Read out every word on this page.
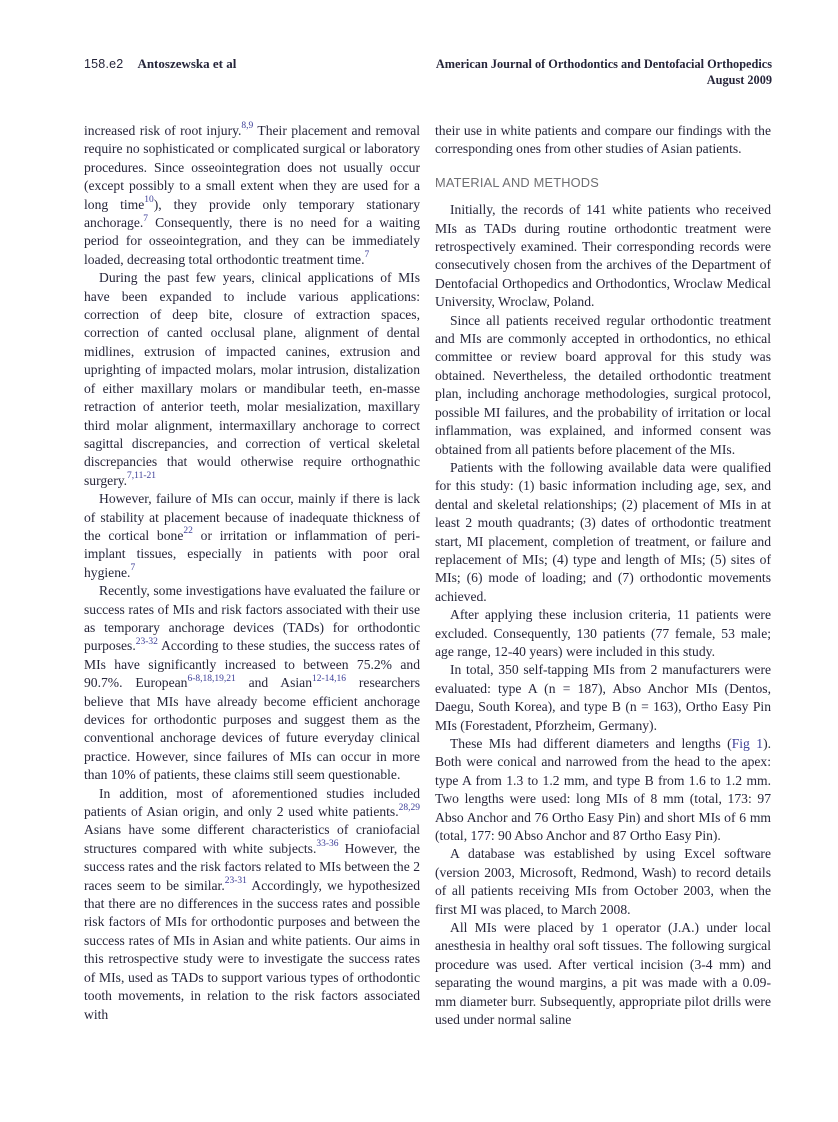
158.e2 Antoszewska et al	American Journal of Orthodontics and Dentofacial Orthopedics
August 2009

increased risk of root injury.$^{8,9}$ Their placement and removal require no sophisticated or complicated surgical or laboratory procedures. Since osseointegration does not usually occur (except possibly to a small extent when they are used for a long time$^{10}$), they provide only temporary stationary anchorage.$^7$ Consequently, there is no need for a waiting period for osseointegration, and they can be immediately loaded, decreasing total orthodontic treatment time.$^7$

During the past few years, clinical applications of MIs have been expanded to include various applications: correction of deep bite, closure of extraction spaces, correction of canted occlusal plane, alignment of dental midlines, extrusion of impacted canines, extrusion and uprighting of impacted molars, molar intrusion, distalization of either maxillary molars or mandibular teeth, en-masse retraction of anterior teeth, molar mesialization, maxillary third molar alignment, intermaxillary anchorage to correct sagittal discrepancies, and correction of vertical skeletal discrepancies that would otherwise require orthognathic surgery.$^{7,11-21}$

However, failure of MIs can occur, mainly if there is lack of stability at placement because of inadequate thickness of the cortical bone$^{22}$ or irritation or inflammation of peri-implant tissues, especially in patients with poor oral hygiene.$^7$

Recently, some investigations have evaluated the failure or success rates of MIs and risk factors associated with their use as temporary anchorage devices (TADs) for orthodontic purposes.$^{23-32}$ According to these studies, the success rates of MIs have significantly increased to between 75.2% and 90.7%. European$^{6-8,18,19,21}$ and Asian$^{12-14,16}$ researchers believe that MIs have already become efficient anchorage devices for orthodontic purposes and suggest them as the conventional anchorage devices of future everyday clinical practice. However, since failures of MIs can occur in more than 10% of patients, these claims still seem questionable.

In addition, most of aforementioned studies included patients of Asian origin, and only 2 used white patients.$^{28,29}$ Asians have some different characteristics of craniofacial structures compared with white subjects.$^{33-36}$ However, the success rates and the risk factors related to MIs between the 2 races seem to be similar.$^{23-31}$ Accordingly, we hypothesized that there are no differences in the success rates and possible risk factors of MIs for orthodontic purposes and between the success rates of MIs in Asian and white patients. Our aims in this retrospective study were to investigate the success rates of MIs, used as TADs to support various types of orthodontic tooth movements, in relation to the risk factors associated with

their use in white patients and compare our findings with the corresponding ones from other studies of Asian patients.

MATERIAL AND METHODS

Initially, the records of 141 white patients who received MIs as TADs during routine orthodontic treatment were retrospectively examined. Their corresponding records were consecutively chosen from the archives of the Department of Dentofacial Orthopedics and Orthodontics, Wroclaw Medical University, Wroclaw, Poland.

Since all patients received regular orthodontic treatment and MIs are commonly accepted in orthodontics, no ethical committee or review board approval for this study was obtained. Nevertheless, the detailed orthodontic treatment plan, including anchorage methodologies, surgical protocol, possible MI failures, and the probability of irritation or local inflammation, was explained, and informed consent was obtained from all patients before placement of the MIs.

Patients with the following available data were qualified for this study: (1) basic information including age, sex, and dental and skeletal relationships; (2) placement of MIs in at least 2 mouth quadrants; (3) dates of orthodontic treatment start, MI placement, completion of treatment, or failure and replacement of MIs; (4) type and length of MIs; (5) sites of MIs; (6) mode of loading; and (7) orthodontic movements achieved.

After applying these inclusion criteria, 11 patients were excluded. Consequently, 130 patients (77 female, 53 male; age range, 12-40 years) were included in this study.

In total, 350 self-tapping MIs from 2 manufacturers were evaluated: type A (n = 187), Abso Anchor MIs (Dentos, Daegu, South Korea), and type B (n = 163), Ortho Easy Pin MIs (Forestadent, Pforzheim, Germany).

These MIs had different diameters and lengths (Fig 1). Both were conical and narrowed from the head to the apex: type A from 1.3 to 1.2 mm, and type B from 1.6 to 1.2 mm. Two lengths were used: long MIs of 8 mm (total, 173: 97 Abso Anchor and 76 Ortho Easy Pin) and short MIs of 6 mm (total, 177: 90 Abso Anchor and 87 Ortho Easy Pin).

A database was established by using Excel software (version 2003, Microsoft, Redmond, Wash) to record details of all patients receiving MIs from October 2003, when the first MI was placed, to March 2008.

All MIs were placed by 1 operator (J.A.) under local anesthesia in healthy oral soft tissues. The following surgical procedure was used. After vertical incision (3-4 mm) and separating the wound margins, a pit was made with a 0.09-mm diameter burr. Subsequently, appropriate pilot drills were used under normal saline
